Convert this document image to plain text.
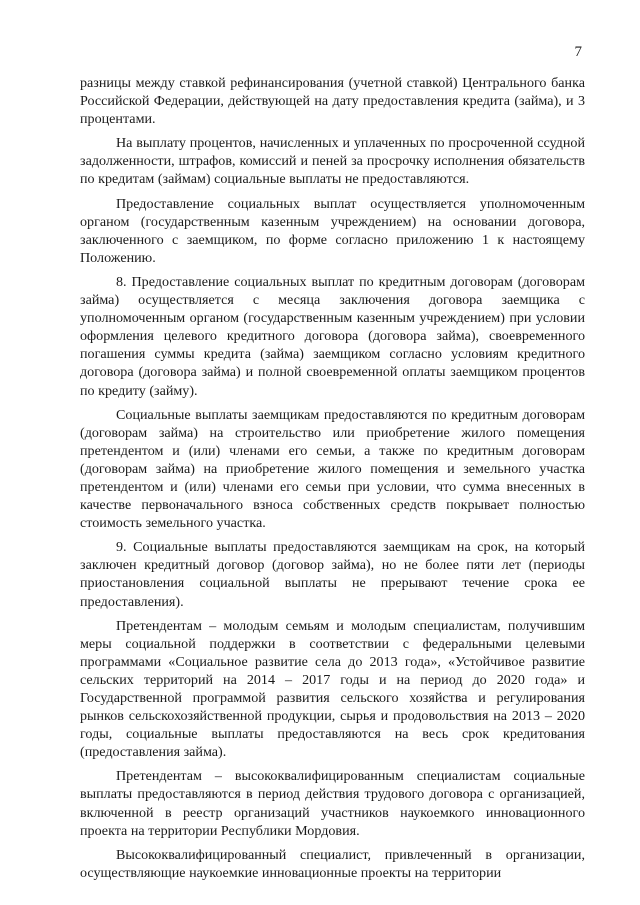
7

разницы между ставкой рефинансирования (учетной ставкой) Центрального банка Российской Федерации, действующей на дату предоставления кредита (займа), и 3 процентами.

На выплату процентов, начисленных и уплаченных по просроченной ссудной задолженности, штрафов, комиссий и пеней за просрочку исполнения обязательств по кредитам (займам) социальные выплаты не предоставляются.

Предоставление социальных выплат осуществляется уполномоченным органом (государственным казенным учреждением) на основании договора, заключенного с заемщиком, по форме согласно приложению 1 к настоящему Положению.

8. Предоставление социальных выплат по кредитным договорам (договорам займа) осуществляется с месяца заключения договора заемщика с уполномоченным органом (государственным казенным учреждением) при условии оформления целевого кредитного договора (договора займа), своевременного погашения суммы кредита (займа) заемщиком согласно условиям кредитного договора (договора займа) и полной своевременной оплаты заемщиком процентов по кредиту (займу).

Социальные выплаты заемщикам предоставляются по кредитным договорам (договорам займа) на строительство или приобретение жилого помещения претендентом и (или) членами его семьи, а также по кредитным договорам (договорам займа) на приобретение жилого помещения и земельного участка претендентом и (или) членами его семьи при условии, что сумма внесенных в качестве первоначального взноса собственных средств покрывает полностью стоимость земельного участка.

9. Социальные выплаты предоставляются заемщикам на срок, на который заключен кредитный договор (договор займа), но не более пяти лет (периоды приостановления социальной выплаты не прерывают течение срока ее предоставления).

Претендентам – молодым семьям и молодым специалистам, получившим меры социальной поддержки в соответствии с федеральными целевыми программами «Социальное развитие села до 2013 года», «Устойчивое развитие сельских территорий на 2014 – 2017 годы и на период до 2020 года» и Государственной программой развития сельского хозяйства и регулирования рынков сельскохозяйственной продукции, сырья и продовольствия на 2013 – 2020 годы, социальные выплаты предоставляются на весь срок кредитования (предоставления займа).

Претендентам – высококвалифицированным специалистам социальные выплаты предоставляются в период действия трудового договора с организацией, включенной в реестр организаций участников наукоемкого инновационного проекта на территории Республики Мордовия.

Высококвалифицированный специалист, привлеченный в организации, осуществляющие наукоемкие инновационные проекты на территории
